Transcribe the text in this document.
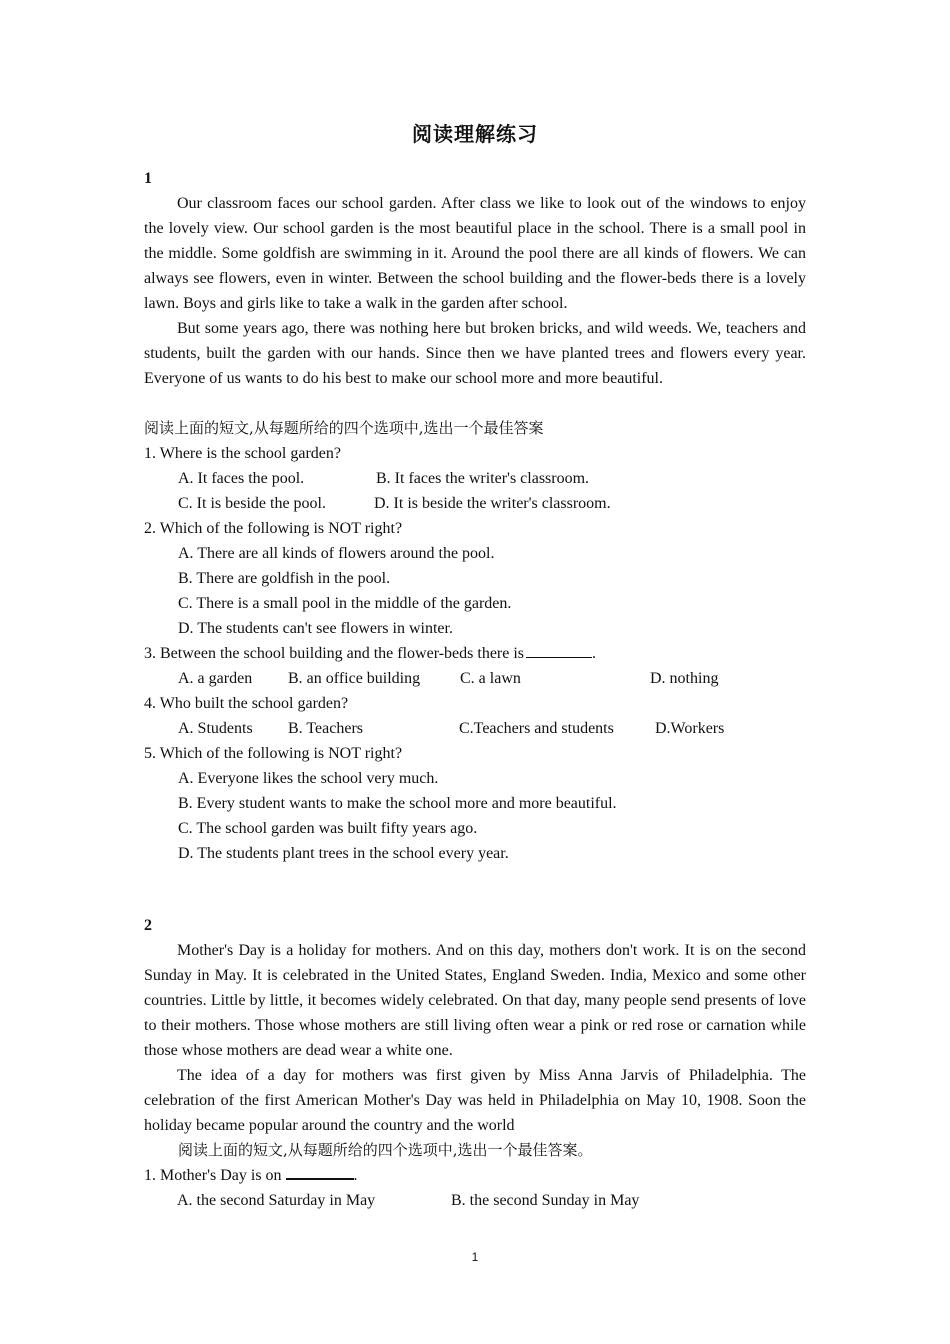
阅读理解练习
1

Our classroom faces our school garden. After class we like to look out of the windows to enjoy the lovely view. Our school garden is the most beautiful place in the school. There is a small pool in the middle. Some goldfish are swimming in it. Around the pool there are all kinds of flowers. We can always see flowers, even in winter. Between the school building and the flower-beds there is a lovely lawn. Boys and girls like to take a walk in the garden after school.

But some years ago, there was nothing here but broken bricks, and wild weeds. We, teachers and students, built the garden with our hands. Since then we have planted trees and flowers every year. Everyone of us wants to do his best to make our school more and more beautiful.

阅读上面的短文,从每题所给的四个选项中,选出一个最佳答案
1. Where is the school garden?
A. It faces the pool.	B. It faces the writer's classroom.
C. It is beside the pool.	D. It is beside the writer's classroom.
2. Which of the following is NOT right?
A. There are all kinds of flowers around the pool.
B. There are goldfish in the pool.
C. There is a small pool in the middle of the garden.
D. The students can't see flowers in winter.
3. Between the school building and the flower-beds there is	.
A. a garden B. an office building C. a lawn	D. nothing
4. Who built the school garden?
A. Students B. Teachers	C.Teachers and students	D.Workers
5. Which of the following is NOT right?
A. Everyone likes the school very much.
B. Every student wants to make the school more and more beautiful.
C. The school garden was built fifty years ago.
D. The students plant trees in the school every year.
2

Mother's Day is a holiday for mothers. And on this day, mothers don't work. It is on the second Sunday in May. It is celebrated in the United States, England Sweden. India, Mexico and some other countries. Little by little, it becomes widely celebrated. On that day, many people send presents of love to their mothers. Those whose mothers are still living often wear a pink or red rose or carnation while those whose mothers are dead wear a white one.

The idea of a day for mothers was first given by Miss Anna Jarvis of Philadelphia. The celebration of the first American Mother's Day was held in Philadelphia on May 10, 1908. Soon the holiday became popular around the country and the world

阅读上面的短文,从每题所给的四个选项中,选出一个最佳答案。
1. Mother's Day is on	.
A. the second Saturday in May	B. the second Sunday in May
1
